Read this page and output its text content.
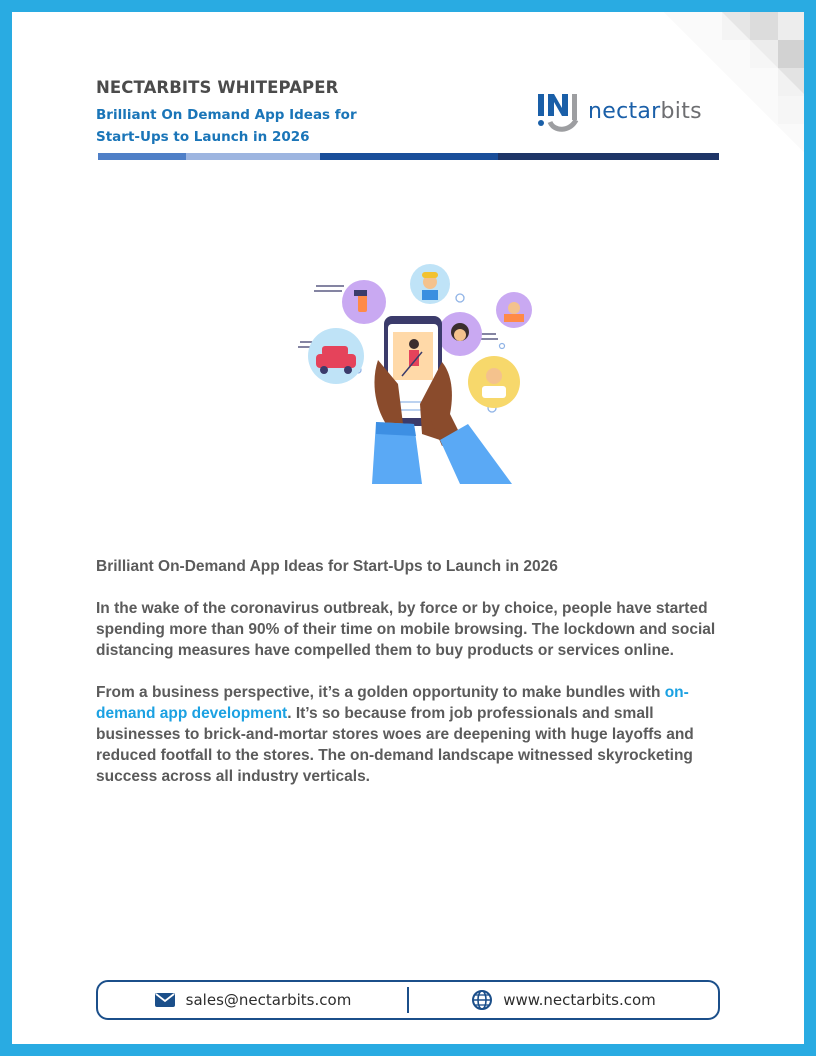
NECTARBITS WHITEPAPER
Brilliant On Demand App Ideas for Start-Ups to Launch in 2026
nectarbits

Brilliant On-Demand App Ideas for Start-Ups to Launch in 2026

In the wake of the coronavirus outbreak, by force or by choice, people have started spending more than 90% of their time on mobile browsing. The lockdown and social distancing measures have compelled them to buy products or services online.

From a business perspective, it’s a golden opportunity to make bundles with on-demand app development. It’s so because from job professionals and small businesses to brick-and-mortar stores woes are deepening with huge layoffs and reduced footfall to the stores. The on-demand landscape witnessed skyrocketing success across all industry verticals.

sales@nectarbits.com	www.nectarbits.com
